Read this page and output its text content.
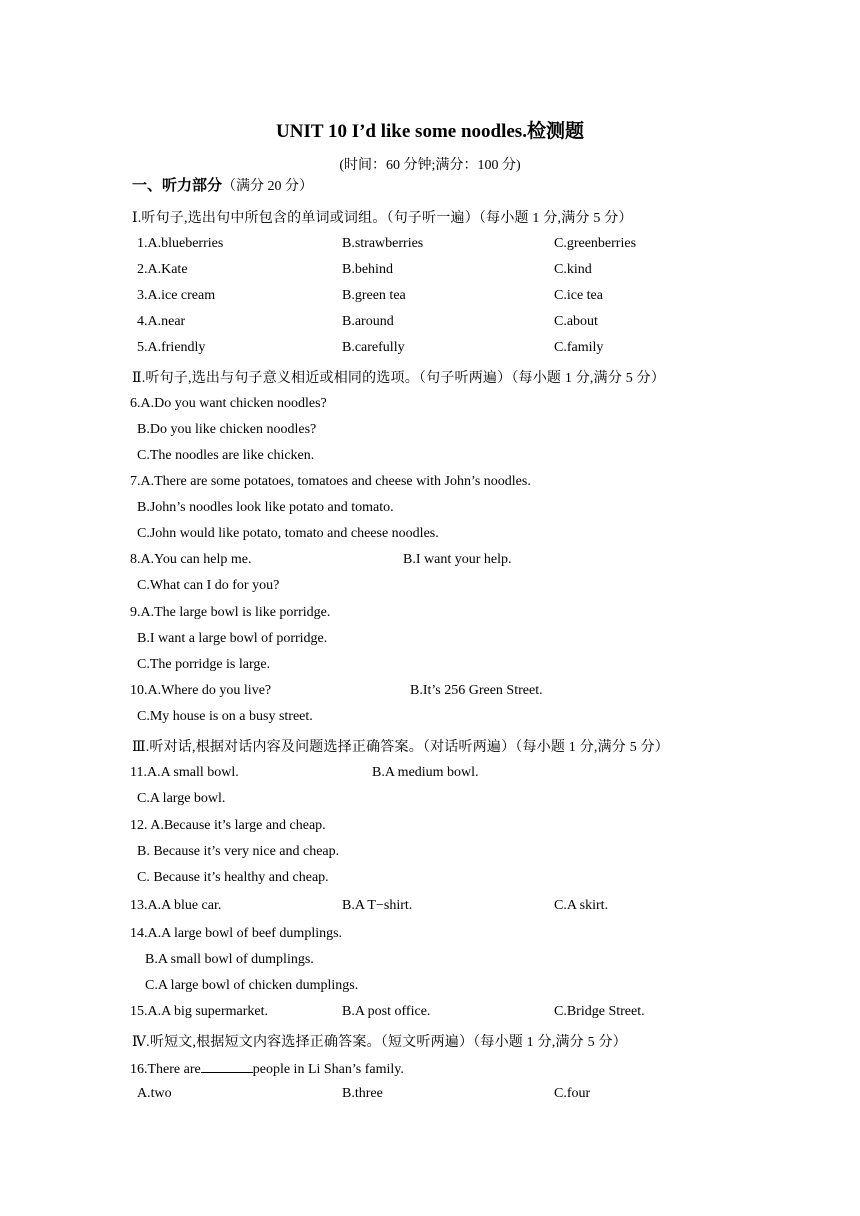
UNIT 10 I’d like some noodles.检测题
(时间：60 分钟;满分：100 分)
一、听力部分（满分 20 分）
Ⅰ.听句子,选出句中所包含的单词或词组。（句子听一遍）（每小题 1 分,满分 5 分）
1.A.blueberries	B.strawberries	C.greenberries
2.A.Kate	B.behind	C.kind
3.A.ice cream	B.green tea	C.ice tea
4.A.near	B.around	C.about
5.A.friendly	B.carefully	C.family
Ⅱ.听句子,选出与句子意义相近或相同的选项。（句子听两遍）（每小题 1 分,满分 5 分）
6.A.Do you want chicken noodles?
B.Do you like chicken noodles?
C.The noodles are like chicken.
7.A.There are some potatoes, tomatoes and cheese with John’s noodles.
B.John’s noodles look like potato and tomato.
C.John would like potato, tomato and cheese noodles.
8.A.You can help me.	B.I want your help.
C.What can I do for you?
9.A.The large bowl is like porridge.
B.I want a large bowl of porridge.
C.The porridge is large.
10.A.Where do you live?	B.It’s 256 Green Street.
C.My house is on a busy street.
Ⅲ.听对话,根据对话内容及问题选择正确答案。（对话听两遍）（每小题 1 分,满分 5 分）
11.A.A small bowl.	B.A medium bowl.
C.A large bowl.
12. A.Because it’s large and cheap.
B. Because it’s very nice and cheap.
C. Because it’s healthy and cheap.
13.A.A blue car.	B.A T−shirt.	C.A skirt.
14.A.A large bowl of beef dumplings.
B.A small bowl of dumplings.
C.A large bowl of chicken dumplings.
15.A.A big supermarket.	B.A post office.	C.Bridge Street.
Ⅳ.听短文,根据短文内容选择正确答案。（短文听两遍）（每小题 1 分,满分 5 分）
16.There are	people in Li Shan’s family.
A.two	B.three	C.four
